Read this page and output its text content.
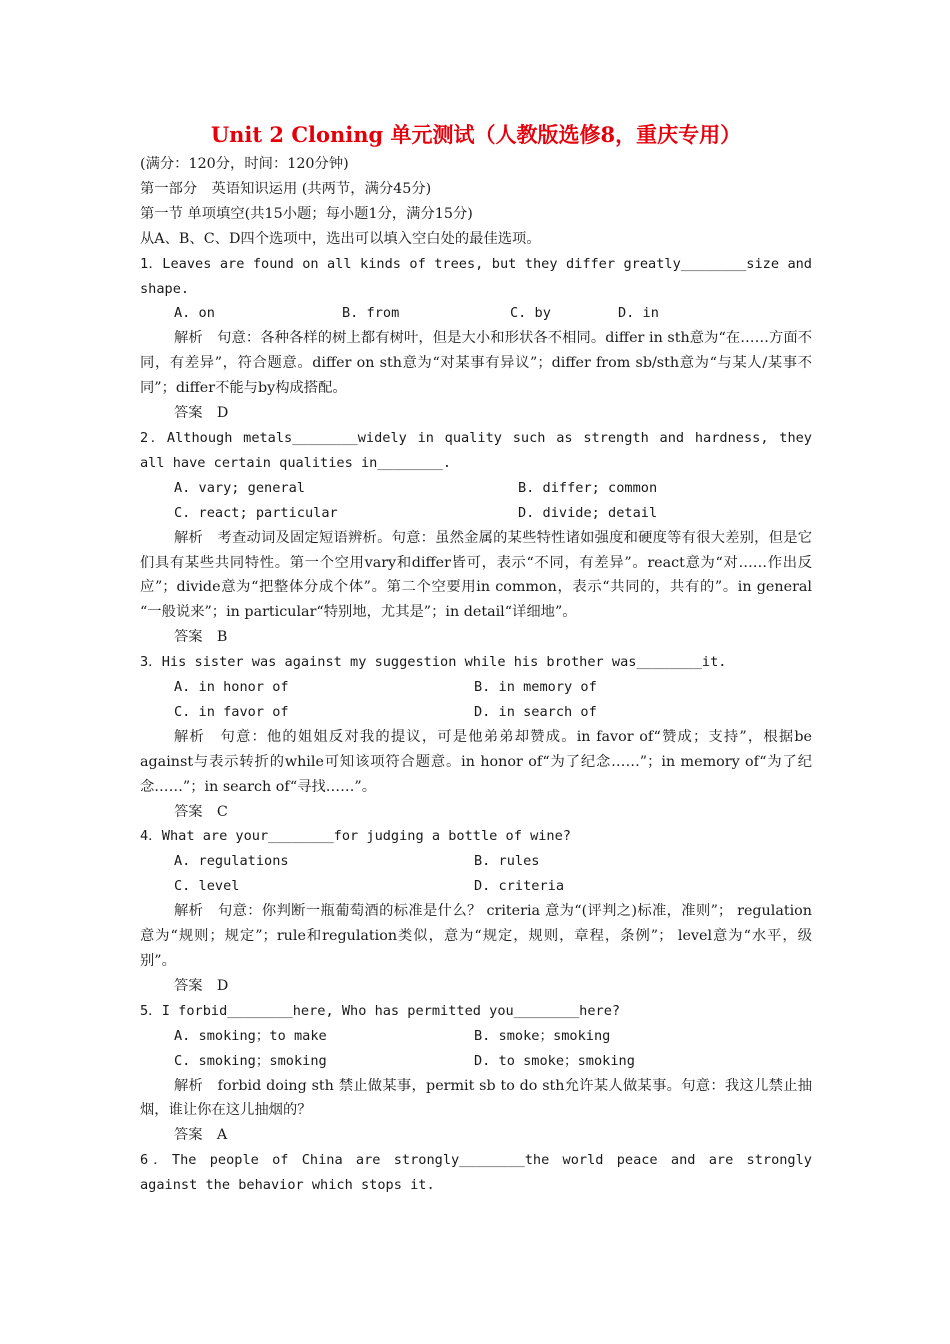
Unit 2 Cloning 单元测试（人教版选修8，重庆专用）
(满分：120分，时间：120分钟)
第一部分　英语知识运用 (共两节，满分45分)
第一节 单项填空(共15小题；每小题1分，满分15分)
从A、B、C、D四个选项中，选出可以填入空白处的最佳选项。
1．Leaves are found on all kinds of trees, but they differ greatly________size and shape.
A. on	B. from	C. by	D. in
解析　句意：各种各样的树上都有树叶，但是大小和形状各不相同。differ in sth意为“在……方面不同，有差异”，符合题意。differ on sth意为“对某事有异议”；differ from sb/sth意为“与某人/某事不同”；differ不能与by构成搭配。
答案　D
2．Although metals________widely in quality such as strength and hardness, they all have certain qualities in________.
A. vary; general	B. differ; common
C. react; particular	D. divide; detail
解析　考查动词及固定短语辨析。句意：虽然金属的某些特性诸如强度和硬度等有很大差别，但是它们具有某些共同特性。第一个空用vary和differ皆可，表示“不同，有差异”。react意为“对……作出反应”；divide意为“把整体分成个体”。第二个空要用in common，表示“共同的，共有的”。in general “一般说来”；in particular“特别地，尤其是”；in detail“详细地”。
答案　B
3．His sister was against my suggestion while his brother was________it.
A. in honor of	B. in memory of
C. in favor of	D. in search of
解析　句意：他的姐姐反对我的提议，可是他弟弟却赞成。in favor of“赞成；支持”，根据be against与表示转折的while可知该项符合题意。in honor of“为了纪念……”；in memory of“为了纪念……”；in search of“寻找……”。
答案　C
4．What are your________for judging a bottle of wine?
A. regulations	B. rules
C. level	D. criteria
解析　句意：你判断一瓶葡萄酒的标准是什么？ criteria 意为“(评判之)标准，准则”； regulation意为“规则；规定”；rule和regulation类似，意为“规定，规则，章程，条例”； level意为“水平，级别”。
答案　D
5．I forbid________here, Who has permitted you________here?
A. smoking；to make	B. smoke；smoking
C. smoking；smoking	D. to smoke；smoking
解析　forbid doing sth 禁止做某事，permit sb to do sth允许某人做某事。句意：我这儿禁止抽烟，谁让你在这儿抽烟的？
答案　A
6．The people of China are strongly________the world peace and are strongly against the behavior which stops it.
